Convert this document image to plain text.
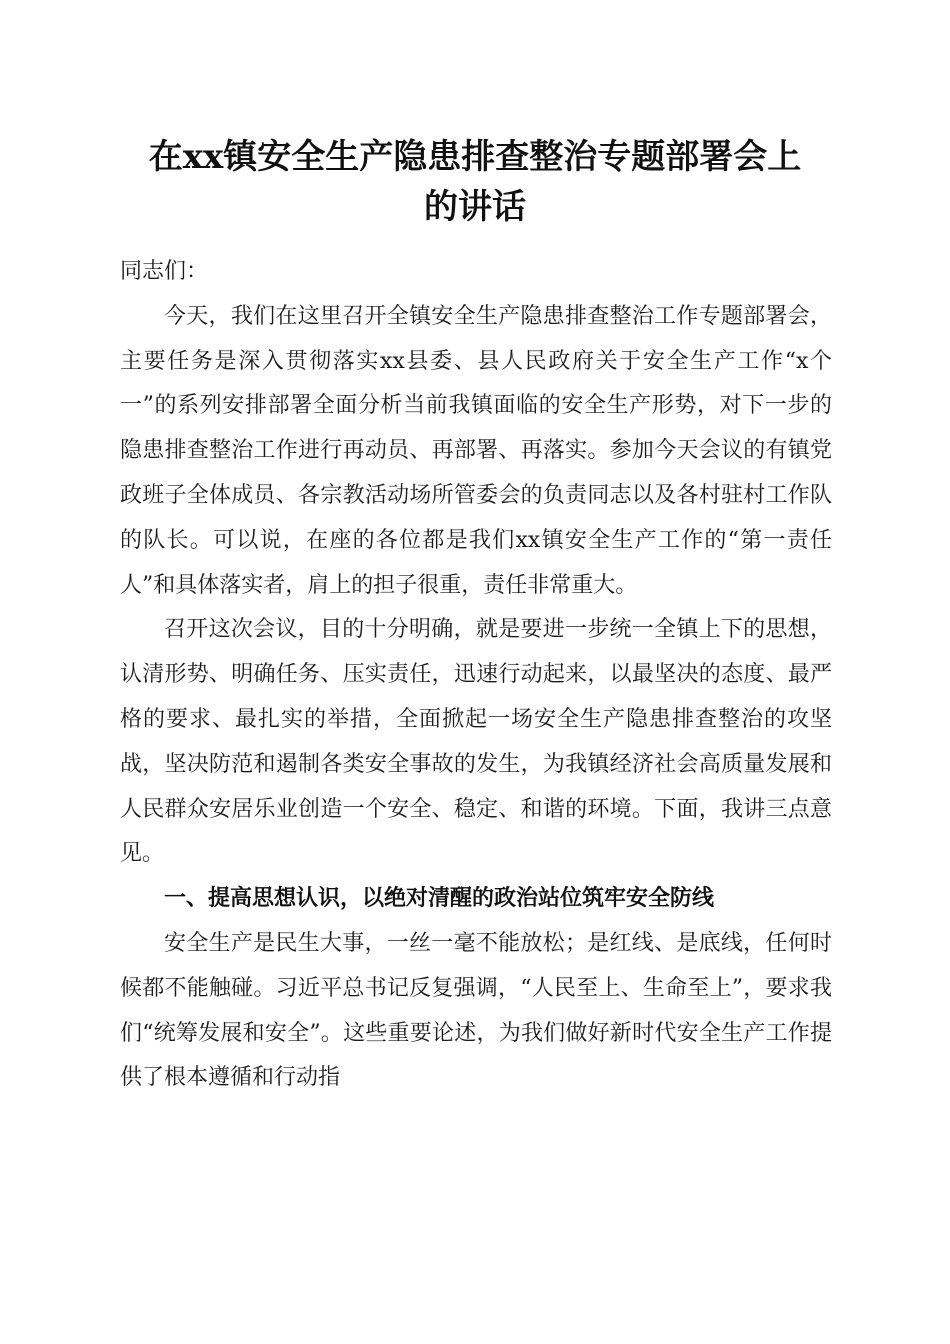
在xx镇安全生产隐患排查整治专题部署会上
的讲话

同志们：

今天，我们在这里召开全镇安全生产隐患排查整治工作专题部署会，主要任务是深入贯彻落实xx县委、县人民政府关于安全生产工作“x个一”的系列安排部署全面分析当前我镇面临的安全生产形势，对下一步的隐患排查整治工作进行再动员、再部署、再落实。参加今天会议的有镇党政班子全体成员、各宗教活动场所管委会的负责同志以及各村驻村工作队的队长。可以说，在座的各位都是我们xx镇安全生产工作的“第一责任人”和具体落实者，肩上的担子很重，责任非常重大。

召开这次会议，目的十分明确，就是要进一步统一全镇上下的思想，认清形势、明确任务、压实责任，迅速行动起来，以最坚决的态度、最严格的要求、最扎实的举措，全面掀起一场安全生产隐患排查整治的攻坚战，坚决防范和遏制各类安全事故的发生，为我镇经济社会高质量发展和人民群众安居乐业创造一个安全、稳定、和谐的环境。下面，我讲三点意见。

一、提高思想认识，以绝对清醒的政治站位筑牢安全防线

安全生产是民生大事，一丝一毫不能放松；是红线、是底线，任何时候都不能触碰。习近平总书记反复强调，“人民至上、生命至上”，要求我们“统筹发展和安全”。这些重要论述，为我们做好新时代安全生产工作提供了根本遵循和行动指
